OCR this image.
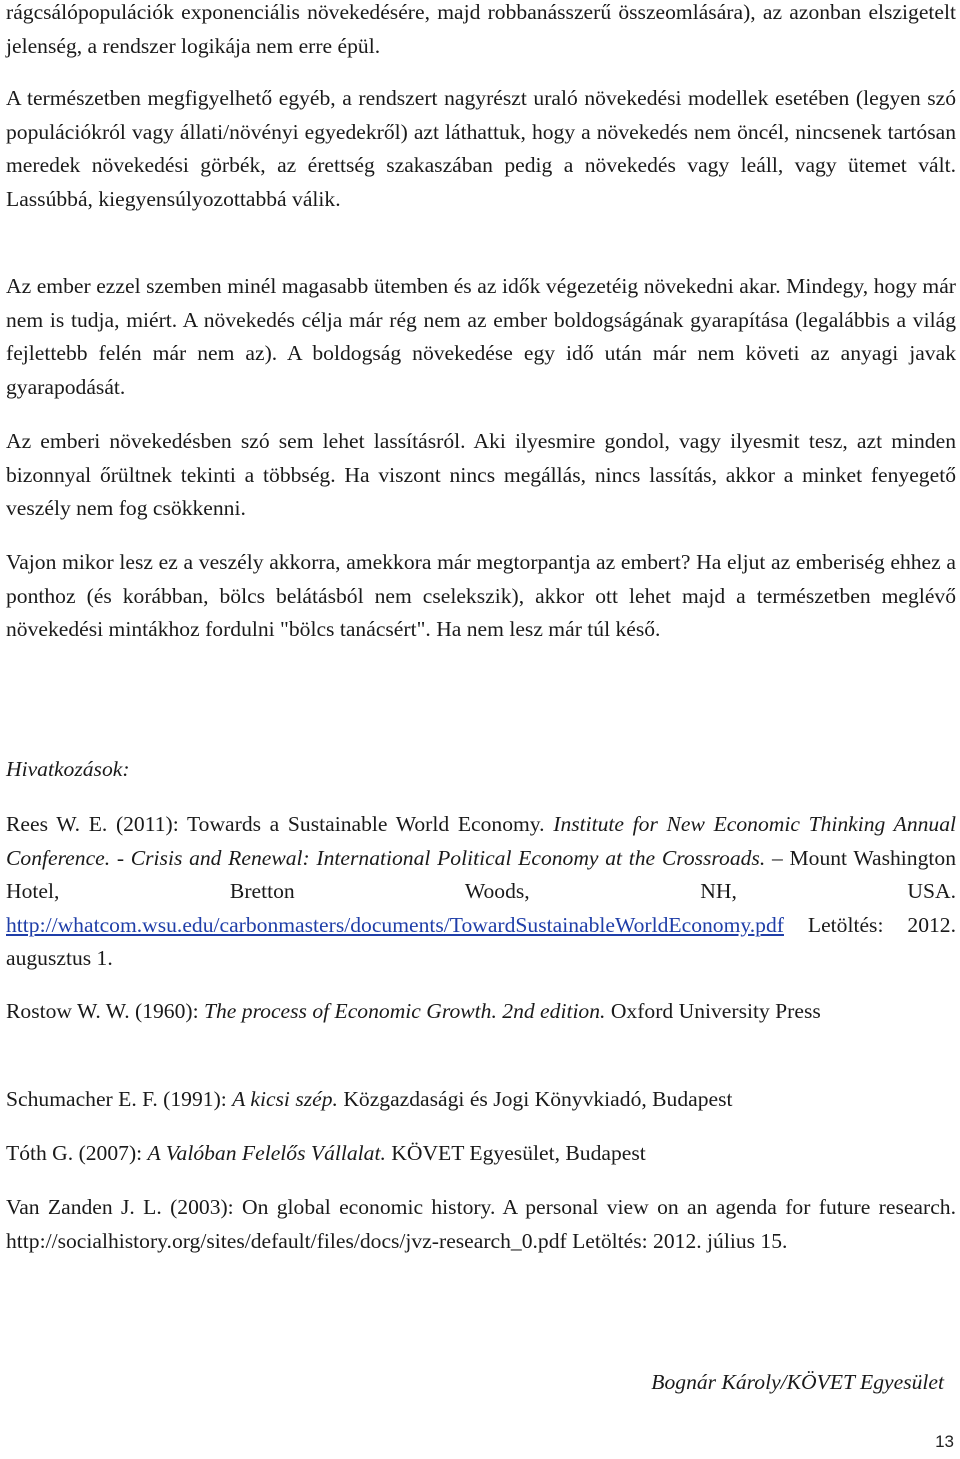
rágcsálópopulációk exponenciális növekedésére, majd robbanásszerű összeomlására), az azonban elszigetelt jelenség, a rendszer logikája nem erre épül.

A természetben megfigyelhető egyéb, a rendszert nagyrészt uraló növekedési modellek esetében (legyen szó populációkról vagy állati/növényi egyedekről) azt láthattuk, hogy a növekedés nem öncél, nincsenek tartósan meredek növekedési görbék, az érettség szakaszában pedig a növekedés vagy leáll, vagy ütemet vált. Lassúbbá, kiegyensúlyozottabbá válik.

Az ember ezzel szemben minél magasabb ütemben és az idők végezetéig növekedni akar. Mindegy, hogy már nem is tudja, miért. A növekedés célja már rég nem az ember boldogságának gyarapítása (legalábbis a világ fejlettebb felén már nem az). A boldogság növekedése egy idő után már nem követi az anyagi javak gyarapodását.

Az emberi növekedésben szó sem lehet lassításról. Aki ilyesmire gondol, vagy ilyesmit tesz, azt minden bizonnyal őrültnek tekinti a többség. Ha viszont nincs megállás, nincs lassítás, akkor a minket fenyegető veszély nem fog csökkenni.

Vajon mikor lesz ez a veszély akkorra, amekkora már megtorpantja az embert? Ha eljut az emberiség ehhez a ponthoz (és korábban, bölcs belátásból nem cselekszik), akkor ott lehet majd a természetben meglévő növekedési mintákhoz fordulni "bölcs tanácsért". Ha nem lesz már túl késő.

Hivatkozások:

Rees W. E. (2011): Towards a Sustainable World Economy. Institute for New Economic Thinking Annual Conference. - Crisis and Renewal: International Political Economy at the Crossroads. – Mount Washington Hotel, Bretton Woods, NH, USA. http://whatcom.wsu.edu/carbonmasters/documents/TowardSustainableWorldEconomy.pdf Letöltés: 2012. augusztus 1.

Rostow W. W. (1960): The process of Economic Growth. 2nd edition. Oxford University Press

Schumacher E. F. (1991): A kicsi szép. Közgazdasági és Jogi Könyvkiadó, Budapest

Tóth G. (2007): A Valóban Felelős Vállalat. KÖVET Egyesület, Budapest

Van Zanden J. L. (2003): On global economic history. A personal view on an agenda for future research. http://socialhistory.org/sites/default/files/docs/jvz-research_0.pdf Letöltés: 2012. július 15.

Bognár Károly/KÖVET Egyesület
13
